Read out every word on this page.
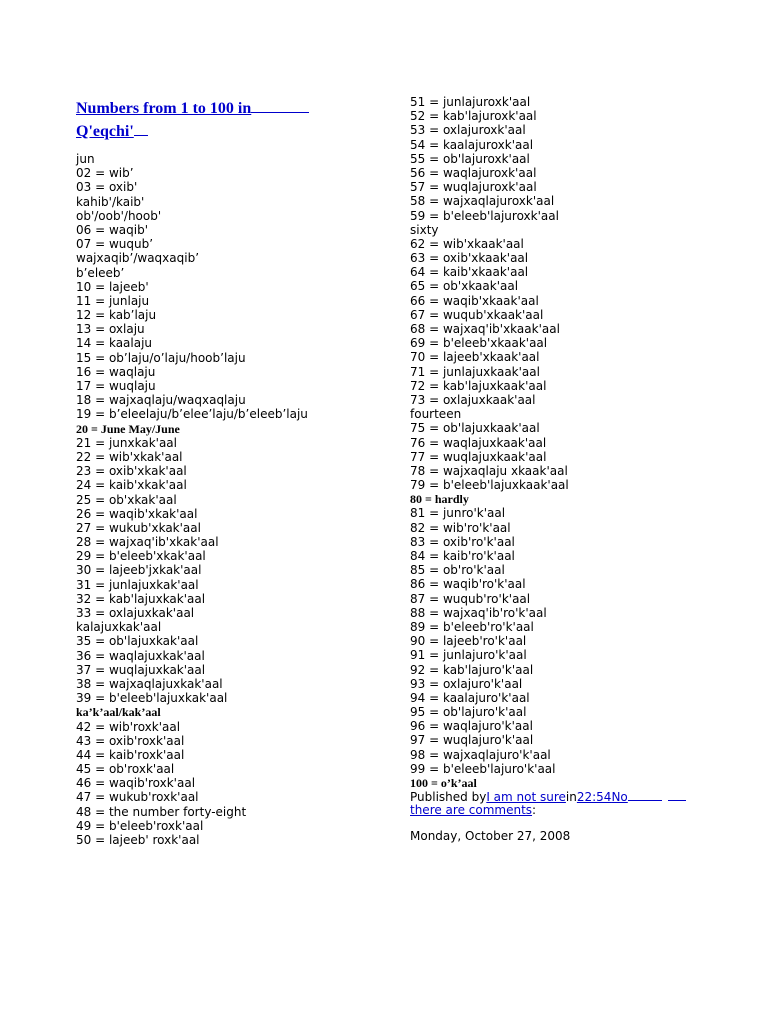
Numbers from 1 to 100 in
Q'eqchi'
jun
02 = wib’
03 = oxib'
kahib'/kaib'
ob'/oob'/hoob'
06 = waqib'
07 = wuqub’
wajxaqib’/waqxaqib’
b’eleeb’
10 = lajeeb'
11 = junlaju
12 = kab’laju
13 = oxlaju
14 = kaalaju
15 = ob’laju/o’laju/hoob’laju
16 = waqlaju
17 = wuqlaju
18 = wajxaqlaju/waqxaqlaju
19 = b’eleelaju/b’elee’laju/b’eleeb’laju
20 = June May/June
21 = junxkak'aal
22 = wib'xkak'aal
23 = oxib'xkak'aal
24 = kaib'xkak'aal
25 = ob'xkak'aal
26 = waqib'xkak'aal
27 = wukub'xkak'aal
28 = wajxaq'ib'xkak'aal
29 = b'eleeb'xkak'aal
30 = lajeeb'jxkak'aal
31 = junlajuxkak'aal
32 = kab'lajuxkak'aal
33 = oxlajuxkak'aal
kalajuxkak'aal
35 = ob'lajuxkak'aal
36 = waqlajuxkak'aal
37 = wuqlajuxkak'aal
38 = wajxaqlajuxkak'aal
39 = b'eleeb'lajuxkak'aal
ka’k’aal/kak’aal
42 = wib'roxk'aal
43 = oxib'roxk'aal
44 = kaib'roxk'aal
45 = ob'roxk'aal
46 = waqib'roxk'aal
47 = wukub'roxk'aal
48 = the number forty-eight
49 = b'eleeb'roxk'aal
50 = lajeeb' roxk'aal
51 = junlajuroxk'aal
52 = kab'lajuroxk'aal
53 = oxlajuroxk'aal
54 = kaalajuroxk'aal
55 = ob'lajuroxk'aal
56 = waqlajuroxk'aal
57 = wuqlajuroxk'aal
58 = wajxaqlajuroxk'aal
59 = b'eleeb'lajuroxk'aal
sixty
62 = wib'xkaak'aal
63 = oxib'xkaak'aal
64 = kaib'xkaak'aal
65 = ob'xkaak'aal
66 = waqib'xkaak'aal
67 = wuqub'xkaak'aal
68 = wajxaq'ib'xkaak'aal
69 = b'eleeb'xkaak'aal
70 = lajeeb'xkaak'aal
71 = junlajuxkaak'aal
72 = kab'lajuxkaak'aal
73 = oxlajuxkaak'aal
fourteen
75 = ob'lajuxkaak'aal
76 = waqlajuxkaak'aal
77 = wuqlajuxkaak'aal
78 = wajxaqlaju xkaak'aal
79 = b'eleeb'lajuxkaak'aal
80 = hardly
81 = junro'k'aal
82 = wib'ro'k'aal
83 = oxib'ro'k'aal
84 = kaib'ro'k'aal
85 = ob'ro'k'aal
86 = waqib'ro'k'aal
87 = wuqub'ro'k'aal
88 = wajxaq'ib'ro'k'aal
89 = b'eleeb'ro'k'aal
90 = lajeeb'ro'k'aal
91 = junlajuro'k'aal
92 = kab'lajuro'k'aal
93 = oxlajuro'k'aal
94 = kaalajuro'k'aal
95 = ob'lajuro'k'aal
96 = waqlajuro'k'aal
97 = wuqlajuro'k'aal
98 = wajxaqlajuro'k'aal
99 = b'eleeb'lajuro'k'aal
100 = o’k’aal
Published byI am not surein22:54No
there are comments:
Monday, October 27, 2008
